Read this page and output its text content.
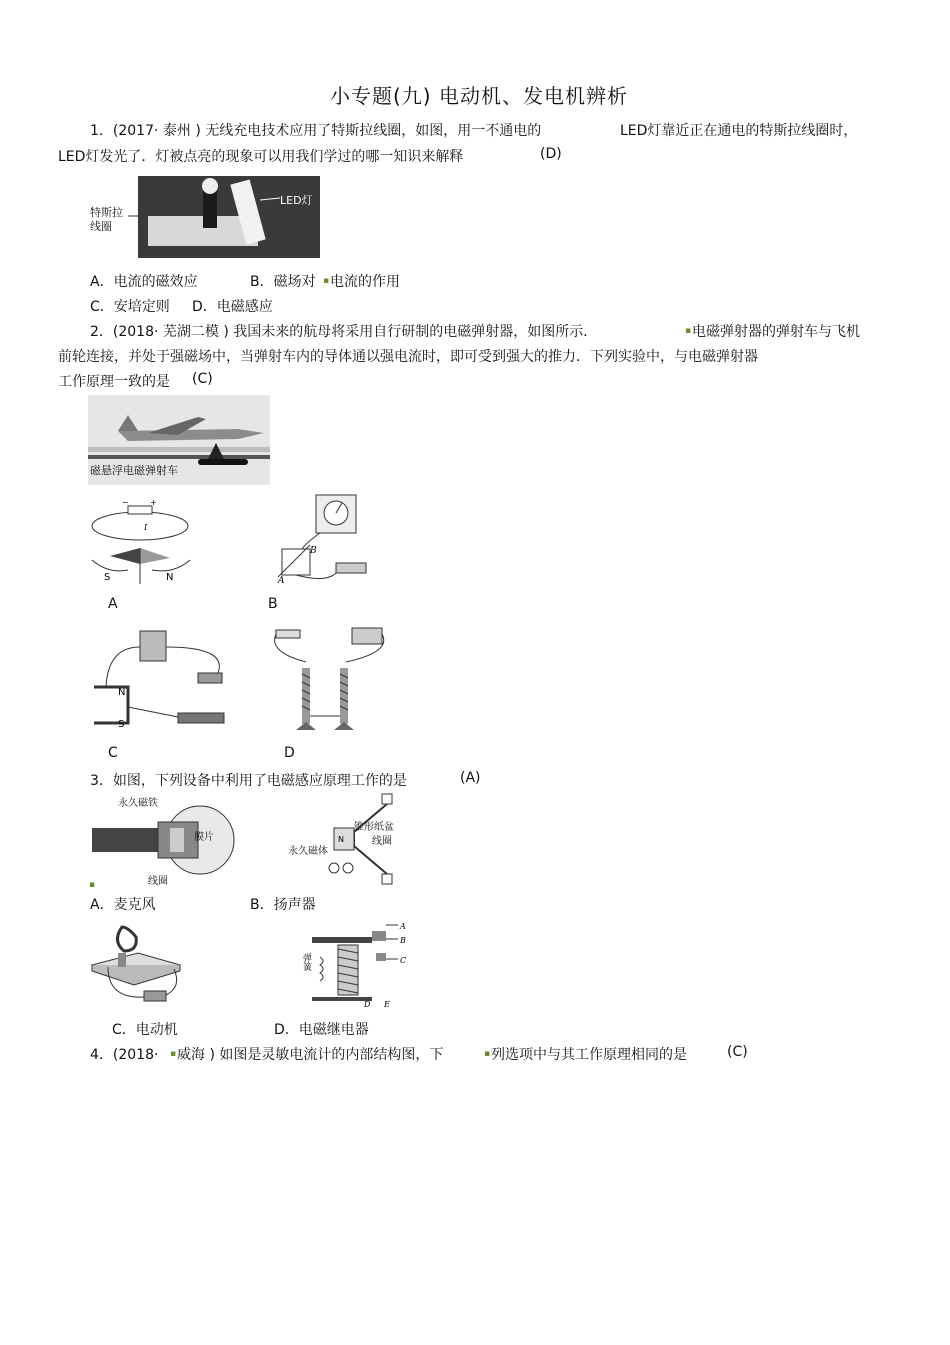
小专题(九) 电动机、发电机辨析
1．(2017· 泰州 ) 无线充电技术应用了特斯拉线圈，如图，用一不通电的	LED灯靠近正在通电的特斯拉线圈时，
LED灯发光了．灯被点亮的现象可以用我们学过的哪一知识来解释	(D)
特斯拉
线圈
LED灯
A．电流的磁效应	B．磁场对 ▪ 电流的作用
C．安培定则 D．电磁感应
2．(2018· 芜湖二模 ) 我国未来的航母将采用自行研制的电磁弹射器，如图所示．	▪ 电磁弹射器的弹射车与飞机
前轮连接，并处于强磁场中，当弹射车内的导体通以强电流时，即可受到强大的推力．下列实验中，与电磁弹射器
工作原理一致的是 (C)
磁悬浮电磁弹射车
−	+
I
S	N
B
A
A	B
N
S
C	D
3．如图，下列设备中利用了电磁感应原理工作的是	(A)
永久磁铁
膜片
线圈
N
锥形纸盆
线圈
永久磁体
▪
A．麦克风	B．扬声器
A
B
C
D E
弹簧
C．电动机	D．电磁继电器
4．(2018· ▪ 威海 ) 如图是灵敏电流计的内部结构图，下	▪ 列选项中与其工作原理相同的是	(C)
